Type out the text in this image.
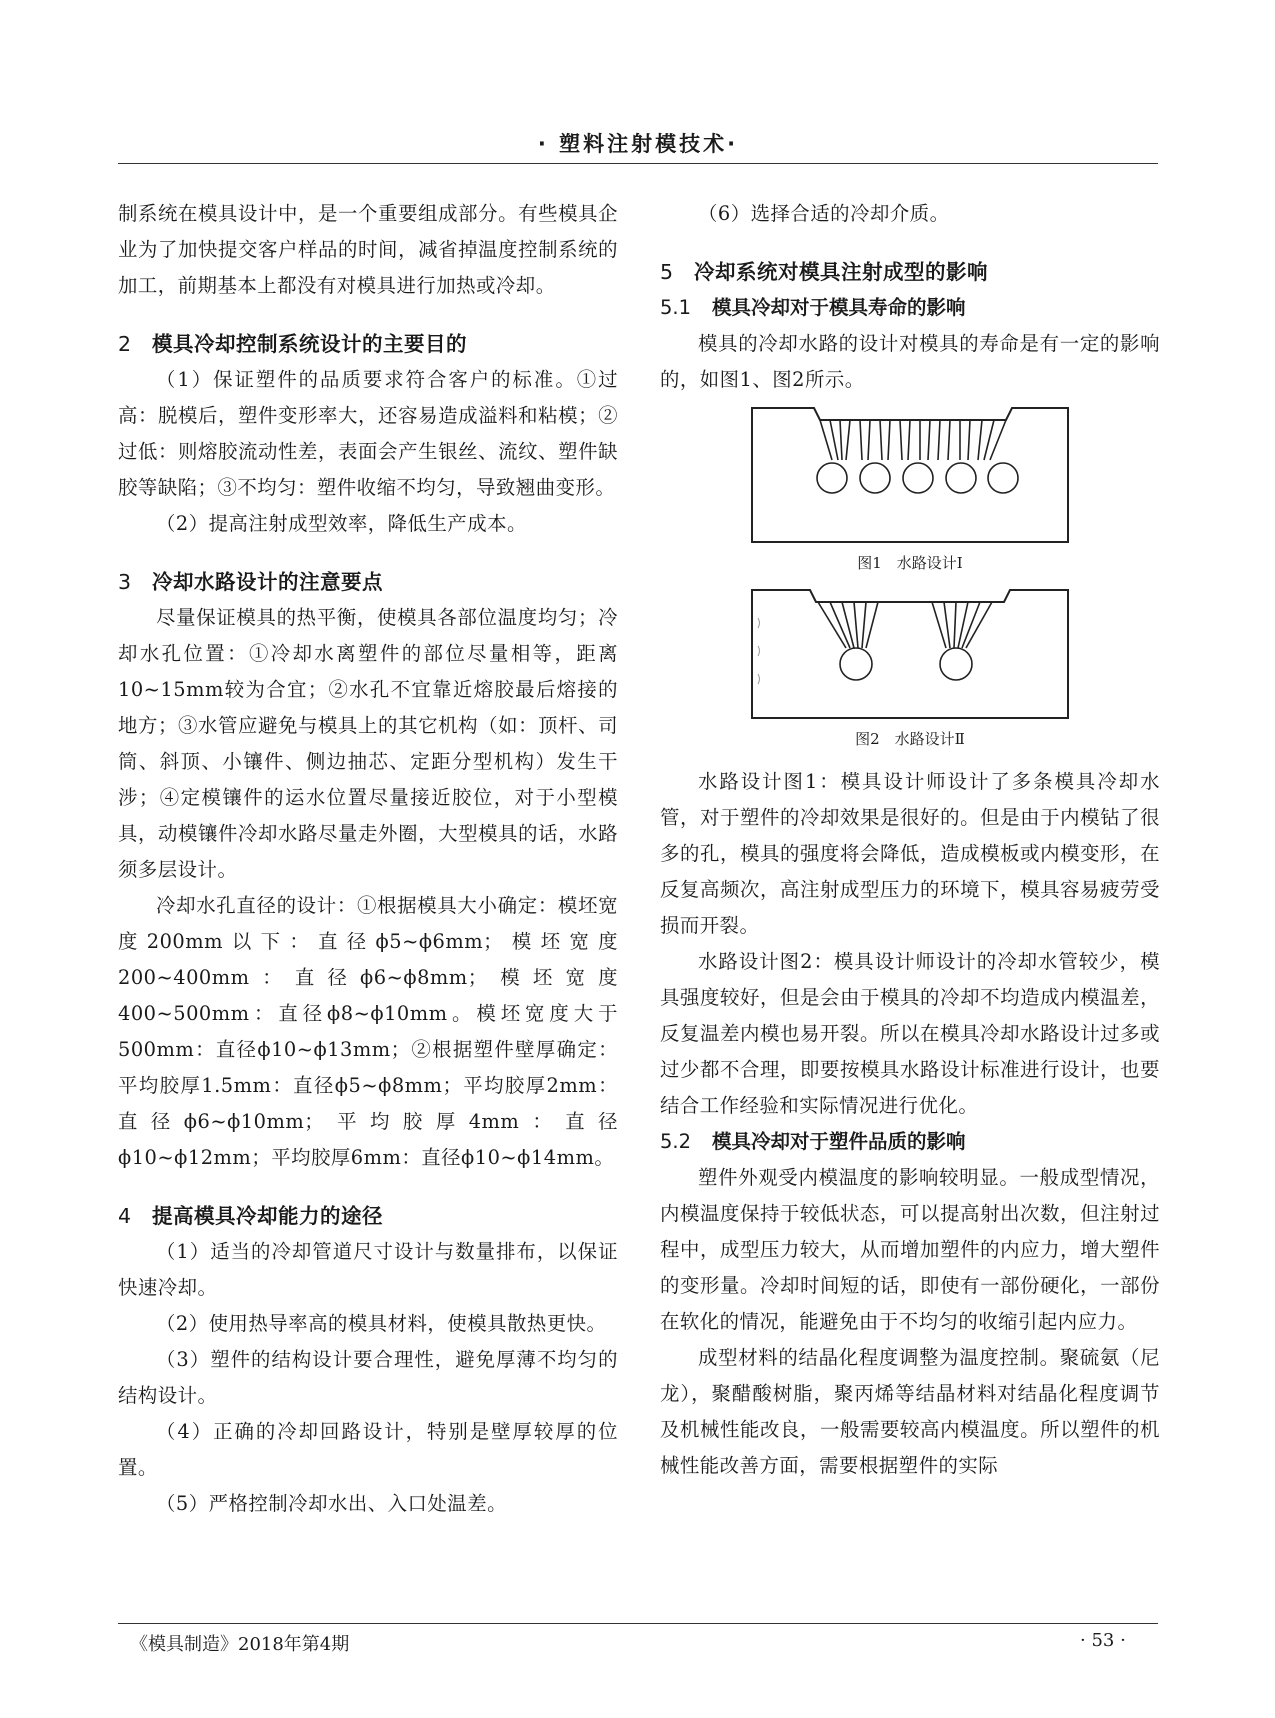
· 塑料注射模技术·

制系统在模具设计中，是一个重要组成部分。有些模具企业为了加快提交客户样品的时间，减省掉温度控制系统的加工，前期基本上都没有对模具进行加热或冷却。

2 模具冷却控制系统设计的主要目的

（1）保证塑件的品质要求符合客户的标准。①过高：脱模后，塑件变形率大，还容易造成溢料和粘模；②过低：则熔胶流动性差，表面会产生银丝、流纹、塑件缺胶等缺陷；③不均匀：塑件收缩不均匀，导致翘曲变形。

（2）提高注射成型效率，降低生产成本。

3 冷却水路设计的注意要点

尽量保证模具的热平衡，使模具各部位温度均匀；冷却水孔位置：①冷却水离塑件的部位尽量相等，距离10~15mm较为合宜；②水孔不宜靠近熔胶最后熔接的地方；③水管应避免与模具上的其它机构（如：顶杆、司筒、斜顶、小镶件、侧边抽芯、定距分型机构）发生干涉；④定模镶件的运水位置尽量接近胶位，对于小型模具，动模镶件冷却水路尽量走外圈，大型模具的话，水路须多层设计。

冷却水孔直径的设计：①根据模具大小确定：模坯宽度200mm以下：直径ϕ5~ϕ6mm；模坯宽度200~400mm：直径ϕ6~ϕ8mm；模坯宽度400~500mm：直径ϕ8~ϕ10mm。模坯宽度大于500mm：直径ϕ10~ϕ13mm；②根据塑件壁厚确定：平均胶厚1.5mm：直径ϕ5~ϕ8mm；平均胶厚2mm：直径ϕ6~ϕ10mm；平均胶厚4mm：直径ϕ10~ϕ12mm；平均胶厚6mm：直径ϕ10~ϕ14mm。

4 提高模具冷却能力的途径

（1）适当的冷却管道尺寸设计与数量排布，以保证快速冷却。

（2）使用热导率高的模具材料，使模具散热更快。

（3）塑件的结构设计要合理性，避免厚薄不均匀的结构设计。

（4）正确的冷却回路设计，特别是壁厚较厚的位置。

（5）严格控制冷却水出、入口处温差。

（6）选择合适的冷却介质。

5 冷却系统对模具注射成型的影响
5.1 模具冷却对于模具寿命的影响

模具的冷却水路的设计对模具的寿命是有一定的影响的，如图1、图2所示。

图1　水路设计Ⅰ
图2　水路设计Ⅱ

水路设计图1：模具设计师设计了多条模具冷却水管，对于塑件的冷却效果是很好的。但是由于内模钻了很多的孔，模具的强度将会降低，造成模板或内模变形，在反复高频次，高注射成型压力的环境下，模具容易疲劳受损而开裂。

水路设计图2：模具设计师设计的冷却水管较少，模具强度较好，但是会由于模具的冷却不均造成内模温差，反复温差内模也易开裂。所以在模具冷却水路设计过多或过少都不合理，即要按模具水路设计标准进行设计，也要结合工作经验和实际情况进行优化。

5.2 模具冷却对于塑件品质的影响

塑件外观受内模温度的影响较明显。一般成型情况，内模温度保持于较低状态，可以提高射出次数，但注射过程中，成型压力较大，从而增加塑件的内应力，增大塑件的变形量。冷却时间短的话，即使有一部份硬化，一部份在软化的情况，能避免由于不均匀的收缩引起内应力。

成型材料的结晶化程度调整为温度控制。聚硫氨（尼龙），聚醋酸树脂，聚丙烯等结晶材料对结晶化程度调节及机械性能改良，一般需要较高内模温度。所以塑件的机械性能改善方面，需要根据塑件的实际

《模具制造》2018年第4期	· 53 ·
